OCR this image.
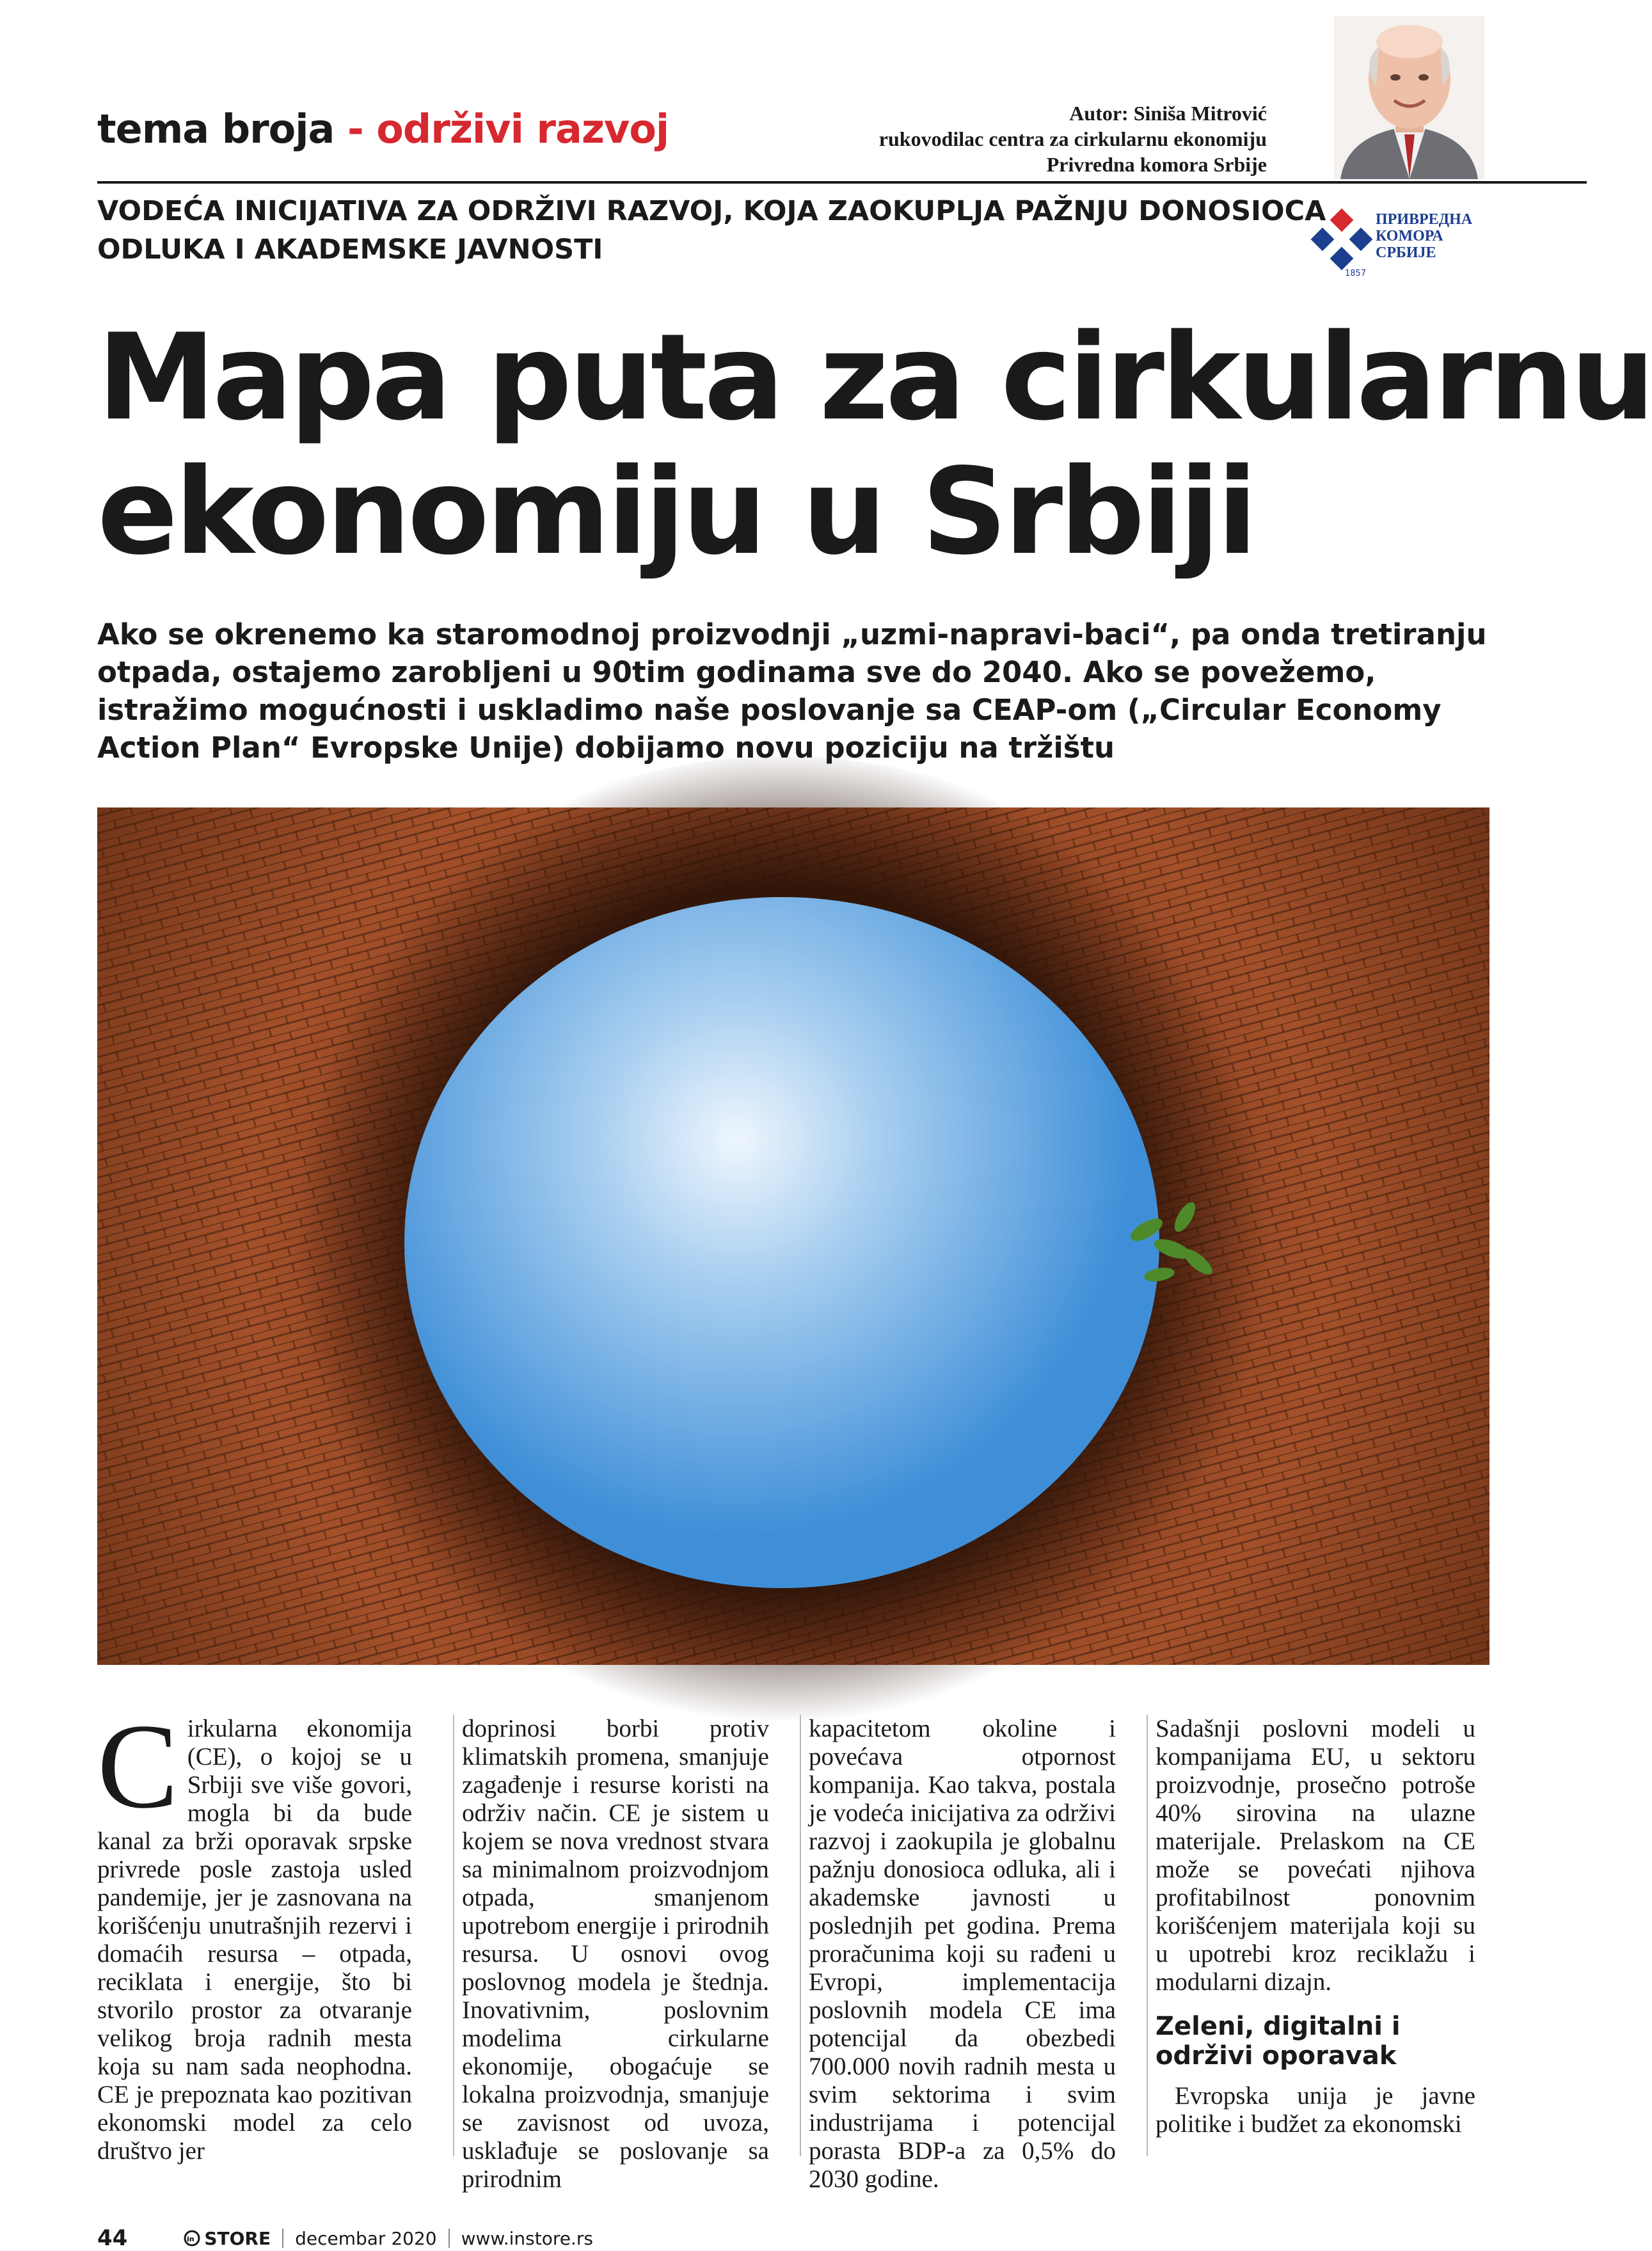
tema broja - održivi razvoj	Autor: Siniša Mitrović
rukovodilac centra za cirkularnu ekonomiju
Privredna komora Srbije
VODEĆA INICIJATIVA ZA ODRŽIVI RAZVOJ, KOJA ZAOKUPLJA PAŽNJU DONOSIOCA
ODLUKA I AKADEMSKE JAVNOSTI
1857
ПРИВРЕДНА
КОМОРА
СРБИЈЕ
Mapa puta za cirkularnu
ekonomiju u Srbiji
Ako se okrenemo ka staromodnoj proizvodnji „uzmi-napravi-baci“, pa onda tretiranju otpada, ostajemo zarobljeni u 90tim godinama sve do 2040. Ako se povežemo, istražimo mogućnosti i uskladimo naše poslovanje sa CEAP-om („Circular Economy Action Plan“ Evropske Unije) dobijamo novu poziciju na tržištu

Cirkularna ekonomija (CE), o kojoj se u Srbiji sve više govori, mogla bi da bude kanal za brži oporavak srpske privrede posle zastoja usled pandemije, jer je zasnovana na korišćenju unutrašnjih rezervi i domaćih resursa – otpada, reciklata i energije, što bi stvorilo prostor za otvaranje velikog broja radnih mesta koja su nam sada neophodna. CE je prepoznata kao pozitivan ekonomski model za celo društvo jer

doprinosi borbi protiv klimatskih promena, smanjuje zagađenje i resurse koristi na održiv način. CE je sistem u kojem se nova vrednost stvara sa minimalnom proizvodnjom otpada, smanjenom upotrebom energije i prirodnih resursa. U osnovi ovog poslovnog modela je štednja. Inovativnim, poslovnim modelima cirkularne ekonomije, obogaćuje se lokalna proizvodnja, smanjuje se zavisnost od uvoza, usklađuje se poslovanje sa prirodnim

kapacitetom okoline i povećava otpornost kompanija. Kao takva, postala je vodeća inicijativa za održivi razvoj i zaokupila je globalnu pažnju donosioca odluka, ali i akademske javnosti u poslednjih pet godina. Prema proračunima koji su rađeni u Evropi, implementacija poslovnih modela CE ima potencijal da obezbedi 700.000 novih radnih mesta u svim sektorima i svim industrijama i potencijal porasta BDP-a za 0,5% do 2030 godine.

Sadašnji poslovni modeli u kompanijama EU, u sektoru proizvodnje, prosečno potroše 40% sirovina na ulazne materijale. Prelaskom na CE može se povećati njihova profitabilnost ponovnim korišćenjem materijala koji su u upotrebi kroz reciklažu i modularni dizajn.

Zeleni, digitalni i održivi oporavak

Evropska unija je javne politike i budžet za ekonomski

44	in STORE decembar 2020 www.instore.rs
